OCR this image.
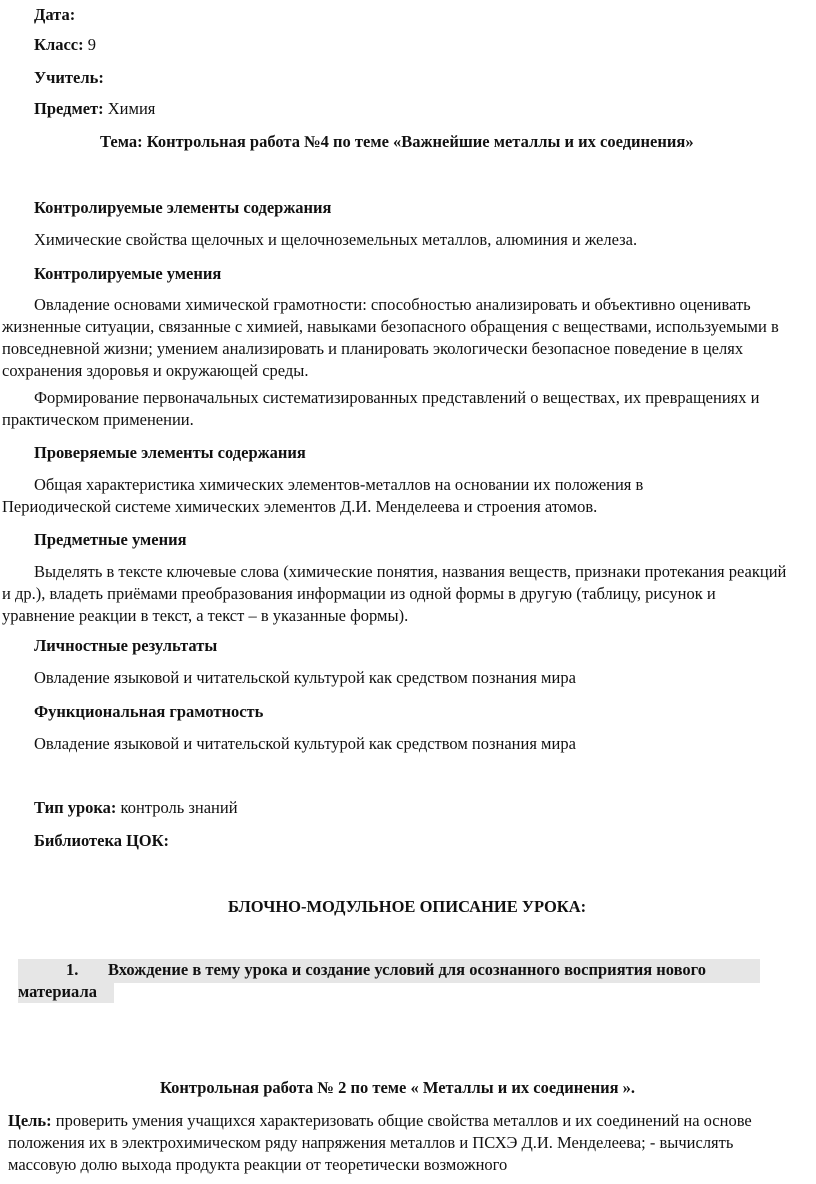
Дата:
Класс: 9
Учитель:
Предмет: Химия
Тема: Контрольная работа №4 по теме «Важнейшие металлы и их соединения»
Контролируемые элементы содержания
Химические свойства щелочных и щелочноземельных металлов, алюминия и железа.
Контролируемые умения
Овладение основами химической грамотности: способностью анализировать и объективно оценивать жизненные ситуации, связанные с химией, навыками безопасного обращения с веществами, используемыми в повседневной жизни; умением анализировать и планировать экологически безопасное поведение в целях сохранения здоровья и окружающей среды.
Формирование первоначальных систематизированных представлений о веществах, их превращениях и практическом применении.
Проверяемые элементы содержания
Общая характеристика химических элементов-металлов на основании их положения в Периодической системе химических элементов Д.И. Менделеева и строения атомов.
Предметные умения
Выделять в тексте ключевые слова (химические понятия, названия веществ, признаки протекания реакций и др.), владеть приёмами преобразования информации из одной формы в другую (таблицу, рисунок и уравнение реакции в текст, а текст – в указанные формы).
Личностные результаты
Овладение языковой и читательской культурой как средством познания мира
Функциональная грамотность
Овладение языковой и читательской культурой как средством познания мира
Тип урока: контроль знаний
Библиотека ЦОК:
БЛОЧНО-МОДУЛЬНОЕ ОПИСАНИЕ УРОКА:
1. Вхождение в тему урока и создание условий для осознанного восприятия нового
материала
Контрольная работа № 2 по теме « Металлы и их соединения ».
Цель: проверить умения учащихся характеризовать общие свойства металлов и их соединений на основе положения их в электрохимическом ряду напряжения металлов и ПСХЭ Д.И. Менделеева; - вычислять массовую долю выхода продукта реакции от теоретически возможного
